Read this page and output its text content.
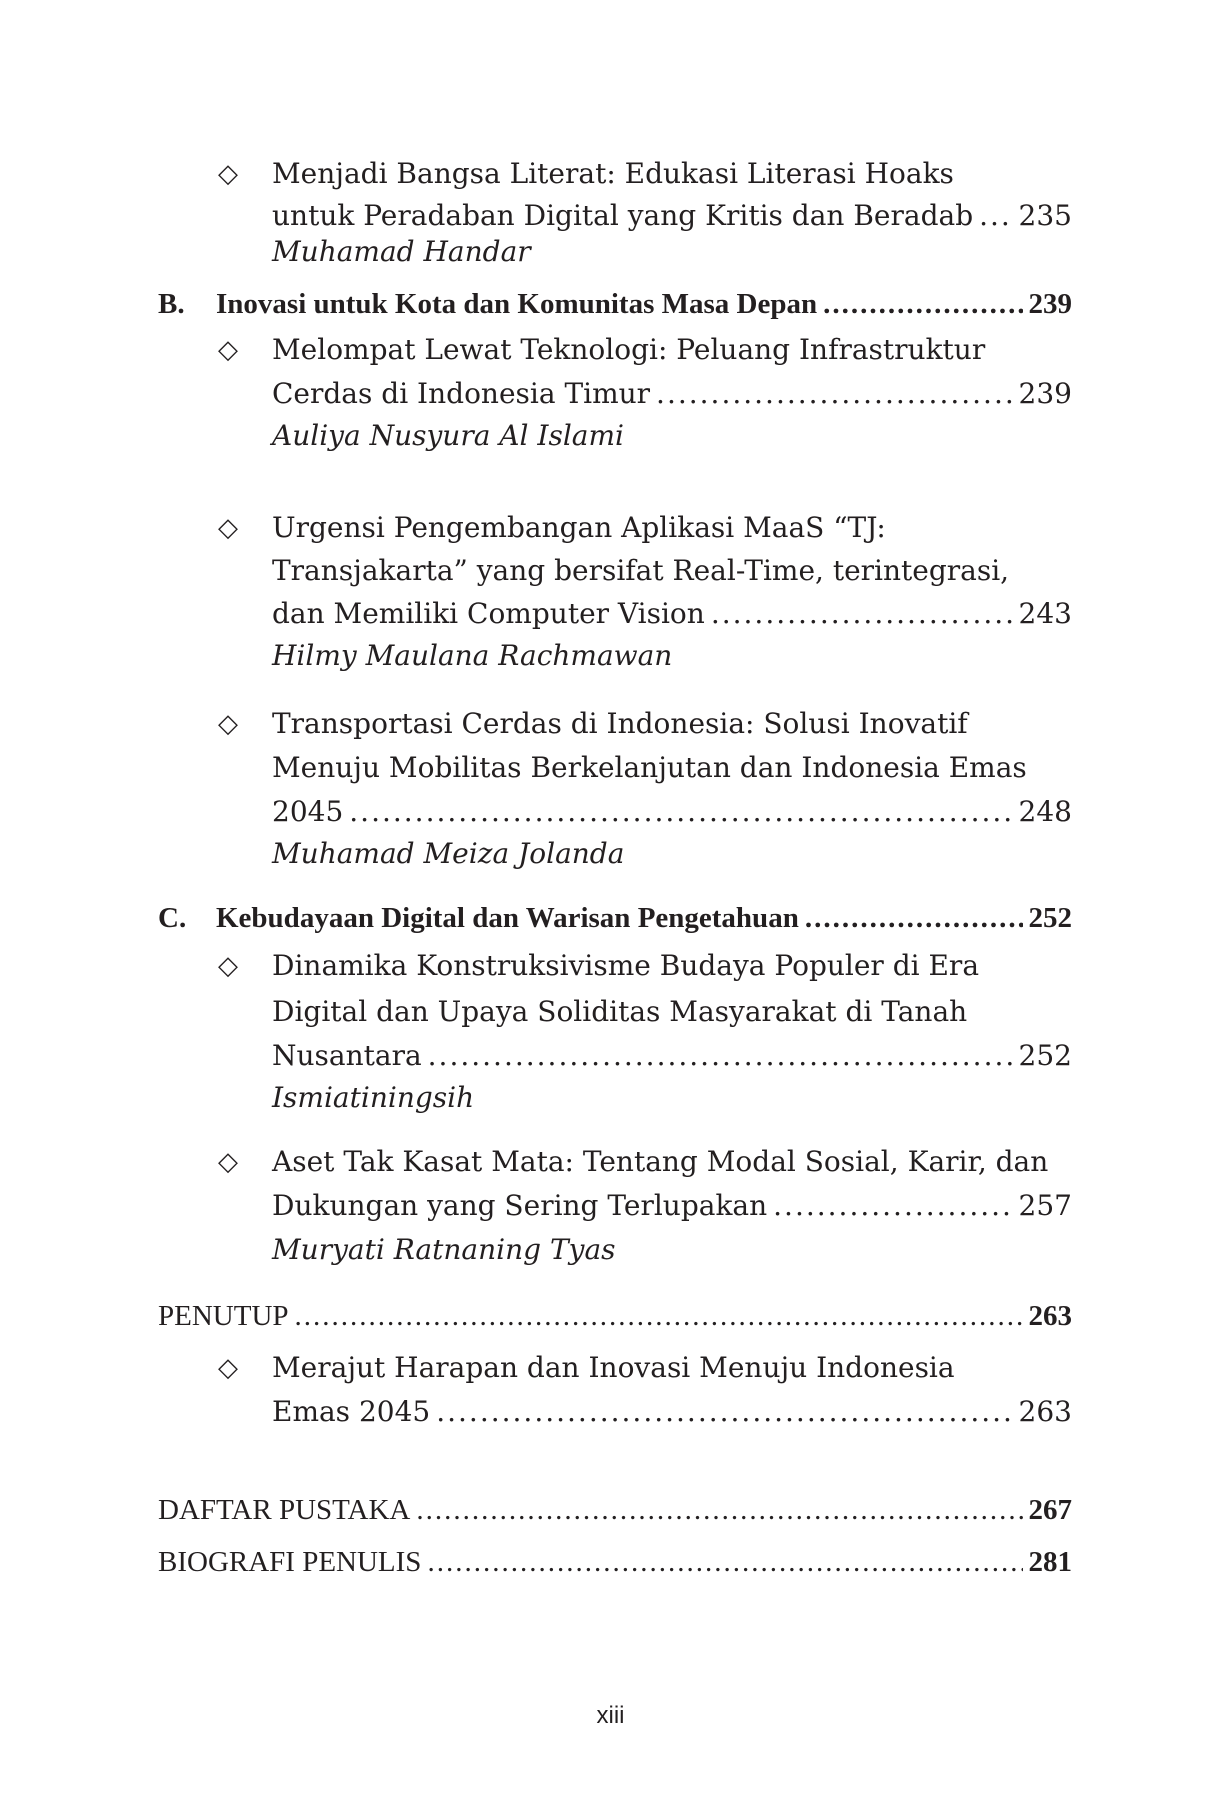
◇ Menjadi Bangsa Literat: Edukasi Literasi Hoaks
untuk Peradaban Digital yang Kritis dan Beradab ..... 235
Muhamad Handar
B. Inovasi untuk Kota dan Komunitas Masa Depan .....	239
◇ Melompat Lewat Teknologi: Peluang Infrastruktur
Cerdas di Indonesia Timur .....	239
Auliya Nusyura Al Islami
◇ Urgensi Pengembangan Aplikasi MaaS “TJ:
Transjakarta” yang bersifat Real-Time, terintegrasi,
dan Memiliki Computer Vision .....	243
Hilmy Maulana Rachmawan
◇ Transportasi Cerdas di Indonesia: Solusi Inovatif
Menuju Mobilitas Berkelanjutan dan Indonesia Emas
2045 .....	248
Muhamad Meiza Jolanda
C. Kebudayaan Digital dan Warisan Pengetahuan .....	252
◇ Dinamika Konstruksivisme Budaya Populer di Era
Digital dan Upaya Soliditas Masyarakat di Tanah
Nusantara .....	252
Ismiatiningsih
◇ Aset Tak Kasat Mata: Tentang Modal Sosial, Karir, dan
Dukungan yang Sering Terlupakan .....	257
Muryati Ratnaning Tyas
PENUTUP .....	263
◇ Merajut Harapan dan Inovasi Menuju Indonesia
Emas 2045 .....	263
DAFTAR PUSTAKA .....	267
BIOGRAFI PENULIS .....	281
xiii
